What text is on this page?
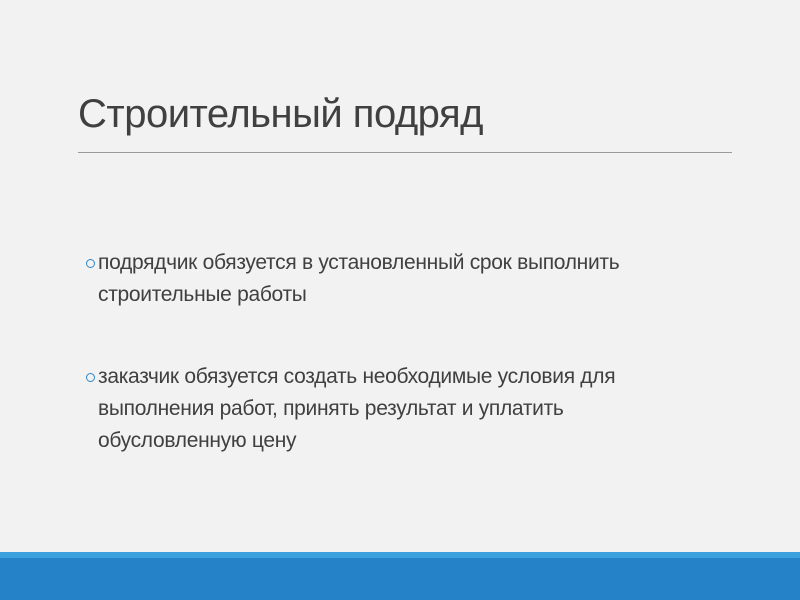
Строительный подряд
подрядчик обязуется в установленный срок выполнить
строительные работы
заказчик обязуется создать необходимые условия для
выполнения работ, принять результат и уплатить
обусловленную цену
